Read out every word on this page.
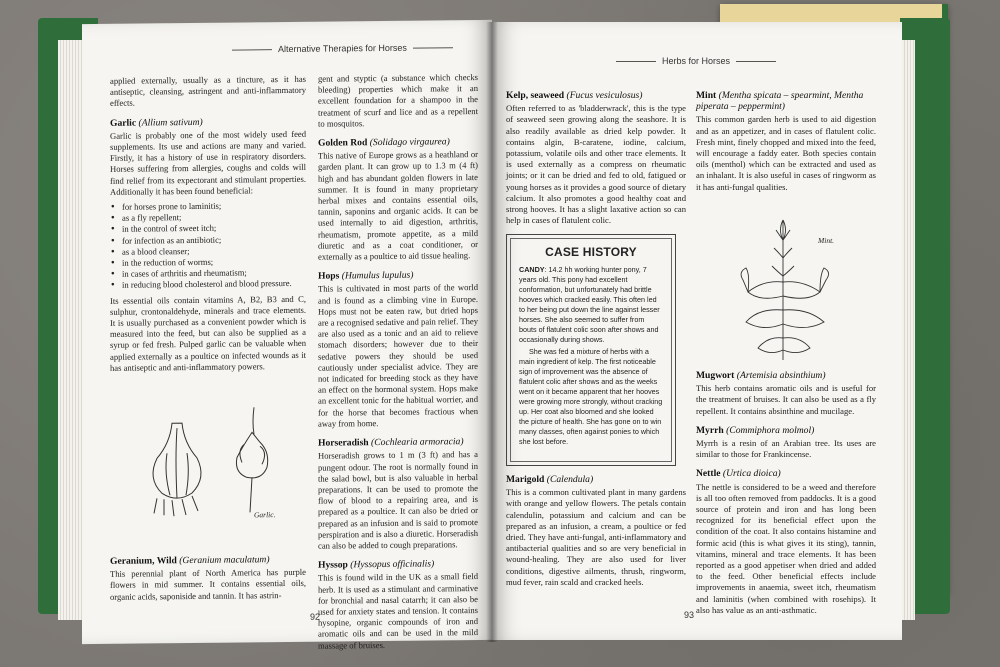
Alternative Therapies for Horses

applied externally, usually as a tincture, as it has antiseptic, cleansing, astringent and anti-inflammatory effects.

Garlic (Allium sativum)

Garlic is probably one of the most widely used feed supplements. Its use and actions are many and varied. Firstly, it has a history of use in respiratory disorders. Horses suffering from allergies, coughs and colds will find relief from its expectorant and stimulant properties. Additionally it has been found beneficial:

● for horses prone to laminitis;
● as a fly repellent;
● in the control of sweet itch;
● for infection as an antibiotic;
● as a blood cleanser;
● in the reduction of worms;
● in cases of arthritis and rheumatism;
● in reducing blood cholesterol and blood pressure.

Its essential oils contain vitamins A, B2, B3 and C, sulphur, crontonaldehyde, minerals and trace elements. It is usually purchased as a convenient powder which is measured into the feed, but can also be supplied as a syrup or fed fresh. Pulped garlic can be valuable when applied externally as a poultice on infected wounds as it has antiseptic and anti-inflammatory powers.

Garlic.
Geranium, Wild (Geranium maculatum)

This perennial plant of North America has purple flowers in mid summer. It contains essential oils, organic acids, saponiside and tannin. It has astrin-

gent and styptic (a substance which checks bleeding) properties which make it an excellent foundation for a shampoo in the treatment of scurf and lice and as a repellent to mosquitos.

Golden Rod (Solidago virgaurea)

This native of Europe grows as a heathland or garden plant. It can grow up to 1.3 m (4 ft) high and has abundant golden flowers in late summer. It is found in many proprietary herbal mixes and contains essential oils, tannin, saponins and organic acids. It can be used internally to aid digestion, arthritis, rheumatism, promote appetite, as a mild diuretic and as a coat conditioner, or externally as a poultice to aid tissue healing.

Hops (Humulus lupulus)

This is cultivated in most parts of the world and is found as a climbing vine in Europe. Hops must not be eaten raw, but dried hops are a recognised sedative and pain relief. They are also used as a tonic and an aid to relieve stomach disorders; however due to their sedative powers they should be used cautiously under specialist advice. They are not indicated for breeding stock as they have an effect on the hormonal system. Hops make an excellent tonic for the habitual worrier, and for the horse that becomes fractious when away from home.

Horseradish (Cochlearia armoracia)

Horseradish grows to 1 m (3 ft) and has a pungent odour. The root is normally found in the salad bowl, but is also valuable in herbal preparations. It can be used to promote the flow of blood to a repairing area, and is prepared as a poultice. It can also be dried or prepared as an infusion and is said to promote perspiration and is also a diuretic. Horseradish can also be added to cough preparations.

Hyssop (Hyssopus officinalis)

This is found wild in the UK as a small field herb. It is used as a stimulant and carminative for bronchial and nasal catarrh; it can also be used for anxiety states and tension. It contains hysopine, organic compounds of iron and aromatic oils and can be used in the mild massage of bruises.

92
Herbs for Horses
Kelp, seaweed (Fucus vesiculosus)

Often referred to as 'bladderwrack', this is the type of seaweed seen growing along the seashore. It is also readily available as dried kelp powder. It contains algin, B-caratene, iodine, calcium, potassium, volatile oils and other trace elements. It is used externally as a compress on rheumatic joints; or it can be dried and fed to old, fatigued or young horses as it provides a good source of dietary calcium. It also promotes a good healthy coat and strong hooves. It has a slight laxative action so can help in cases of flatulent colic.

CASE HISTORY

CANDY: 14.2 hh working hunter pony, 7 years old. This pony had excellent conformation, but unfortunately had brittle hooves which cracked easily. This often led to her being put down the line against lesser horses. She also seemed to suffer from bouts of flatulent colic soon after shows and occasionally during shows.

She was fed a mixture of herbs with a main ingredient of kelp. The first noticeable sign of improvement was the absence of flatulent colic after shows and as the weeks went on it became apparent that her hooves were growing more strongly, without cracking up. Her coat also bloomed and she looked the picture of health. She has gone on to win many classes, often against ponies to which she lost before.

Marigold (Calendula)

This is a common cultivated plant in many gardens with orange and yellow flowers. The petals contain calendulin, potassium and calcium and can be prepared as an infusion, a cream, a poultice or fed dried. They have anti-fungal, anti-inflammatory and antibacterial qualities and so are very beneficial in wound-healing. They are also used for liver conditions, digestive ailments, thrush, ringworm, mud fever, rain scald and cracked heels.

Mint (Mentha spicata – spearmint, Mentha piperata – peppermint)

This common garden herb is used to aid digestion and as an appetizer, and in cases of flatulent colic. Fresh mint, finely chopped and mixed into the feed, will encourage a faddy eater. Both species contain oils (menthol) which can be extracted and used as an inhalant. It is also useful in cases of ringworm as it has anti-fungal qualities.

Mint.
Mugwort (Artemisia absinthium)

This herb contains aromatic oils and is useful for the treatment of bruises. It can also be used as a fly repellent. It contains absinthine and mucilage.

Myrrh (Commiphora molmol)

Myrrh is a resin of an Arabian tree. Its uses are similar to those for Frankincense.

Nettle (Urtica dioica)

The nettle is considered to be a weed and therefore is all too often removed from paddocks. It is a good source of protein and iron and has long been recognized for its beneficial effect upon the condition of the coat. It also contains histamine and formic acid (this is what gives it its sting), tannin, vitamins, mineral and trace elements. It has been reported as a good appetiser when dried and added to the feed. Other beneficial effects include improvements in anaemia, sweet itch, rheumatism and laminitis (when combined with rosehips). It also has value as an anti-asthmatic.

93
